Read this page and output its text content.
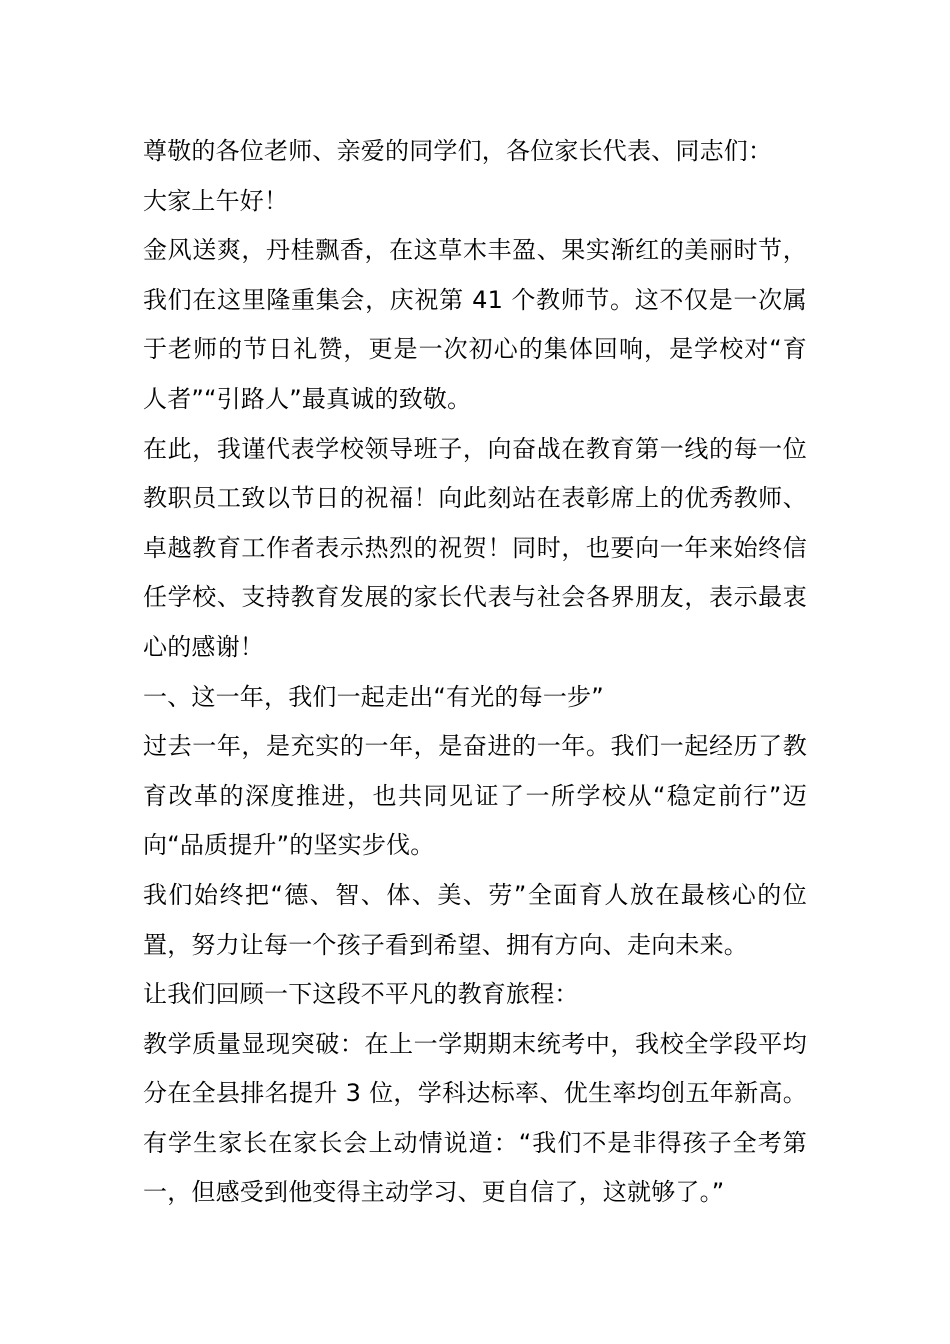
尊敬的各位老师、亲爱的同学们，各位家长代表、同志们：

大家上午好！

金风送爽，丹桂飘香，在这草木丰盈、果实渐红的美丽时节，我们在这里隆重集会，庆祝第 41 个教师节。这不仅是一次属于老师的节日礼赞，更是一次初心的集体回响，是学校对“育人者”“引路人”最真诚的致敬。

在此，我谨代表学校领导班子，向奋战在教育第一线的每一位教职员工致以节日的祝福！向此刻站在表彰席上的优秀教师、卓越教育工作者表示热烈的祝贺！同时，也要向一年来始终信任学校、支持教育发展的家长代表与社会各界朋友，表示最衷心的感谢！

一、这一年，我们一起走出“有光的每一步”

过去一年，是充实的一年，是奋进的一年。我们一起经历了教育改革的深度推进，也共同见证了一所学校从“稳定前行”迈向“品质提升”的坚实步伐。

我们始终把“德、智、体、美、劳”全面育人放在最核心的位置，努力让每一个孩子看到希望、拥有方向、走向未来。

让我们回顾一下这段不平凡的教育旅程：

教学质量显现突破：在上一学期期末统考中，我校全学段平均分在全县排名提升 3 位，学科达标率、优生率均创五年新高。有学生家长在家长会上动情说道：“我们不是非得孩子全考第一，但感受到他变得主动学习、更自信了，这就够了。”
